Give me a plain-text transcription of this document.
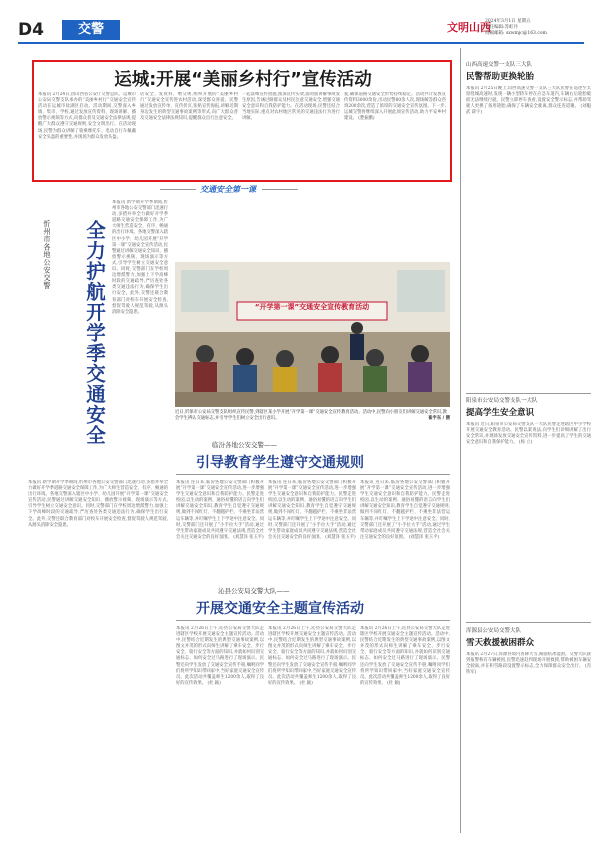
D4	交警	文明山西
2024年3月1日 星期五
责任编辑:苏虹丹
投稿邮箱: sxwmjc@163.com
运城:开展“美丽乡村行”宣传活动
本报讯 2月24日,由山西省公安厅交警总队、运城市公安局交警支队承办的“美丽乡村行”交通安全宣传活动在运城市盐湖区启动。活动期间,交警深入乡镇、集市、学校,通过发放宣传资料、现场讲解、播放警示视频等方式,向群众普及交通安全法律法规,提醒广大群众遵守交通规则,安全文明出行。在活动现场,民警为群众讲解了骑乘摩托车、电动自行车佩戴安全头盔的重要性,并现场为群众发放头盔。
话安全、发资料、赠交规,组织开展的“美丽乡村行”交通安全宣传进农村活动,深受群众喜爱。民警通过发放宣传单、宣传折页,张贴宣传海报,讲解近期身边发生的典型交通事故案例等形式,向广大群众普及交通安全法律法规知识,提醒群众出行注意安全。
一起落细宣传措施,推深宣传实效,面对面讲解事故发生原因,告诫过路群众及村民注意交通安全,增强交通安全意识和自我防护能力。在活动现场,民警还结合当地实际,重点对农村地区常见的交通违法行为进行讲解。
爱,确保道路交通安全形势持续稳定。活动共计发放宣传资料3000余份,出动民警80余人次,现场解答群众咨询200余次,营造了浓厚的交通安全宣传氛围。下一步,运城交警将继续深入开展此项宣传活动,助力平安乡村建设。 (楚振鹏)
交通安全第一课
忻州市各地公安交警 全力护航开学季交通安全
本报讯 新学期开学季期间,忻州市各地公安交警部门迅速行动,多措并举全力做好开学季道路交通安全保障工作,为广大师生营造安全、有序、畅通的出行环境。各地交警深入辖区中小学、幼儿园开展“开学第一课”交通安全宣传活动,民警通过讲解交通安全知识、播放警示视频、现场演示等方式,引导学生树立交通安全意识。同时,交警部门在学校周边增派警力,加强上下学高峰时段的交通疏导,严厉查处各类交通违法行为,确保学生出行安全。此外,交警还联合教育部门对校车开展安全检查,督促驾驶人规范驾驶,从源头消除安全隐患。
本报讯 新学期开学季期间,忻州市各地公安交警部门迅速行动,多措并举全力做好开学季道路交通安全保障工作,为广大师生营造安全、有序、畅通的出行环境。各地交警深入辖区中小学、幼儿园开展“开学第一课”交通安全宣传活动,民警通过讲解交通安全知识、播放警示视频、现场演示等方式,引导学生树立交通安全意识。同时,交警部门在学校周边增派警力,加强上下学高峰时段的交通疏导,严厉查处各类交通违法行为,确保学生出行安全。此外,交警还联合教育部门对校车开展安全检查,督促驾驶人规范驾驶,从源头消除安全隐患。
“开学第一课”交通安全宣传教育活动
近日,忻保市公安局交警支队组织宣传民警,到辖区某小学开展“开学第一课”交通安全宣传教育活动。活动中,民警向小朋友们讲解交通安全常识,教会学生辨认交通标志,并引导学生们树立安全出行意识。	崔宇东 / 摄
临汾各地公安交警——
引导教育学生遵守交通规则
本报讯 连日来,临汾各地公安交警部门积极开展“开学第一课”交通安全宣传活动,进一步增强学生交通安全意识和自我防护能力。民警走进校园,以生动的案例、通俗易懂的语言向学生们讲解交通安全知识,教育学生自觉遵守交通规则,做到不闯红灯、不翻越护栏、不乘坐非法营运车辆等,并叮嘱学生上下学途中注意安全。同时,交警部门还开展了“小手拉大手”活动,通过学生带动家庭成员共同遵守交通法规,营造全社会关注交通安全的良好氛围。 (刘慧泽 张玉平)
本报讯 连日来,临汾各地公安交警部门积极开展“开学第一课”交通安全宣传活动,进一步增强学生交通安全意识和自我防护能力。民警走进校园,以生动的案例、通俗易懂的语言向学生们讲解交通安全知识,教育学生自觉遵守交通规则,做到不闯红灯、不翻越护栏、不乘坐非法营运车辆等,并叮嘱学生上下学途中注意安全。同时,交警部门还开展了“小手拉大手”活动,通过学生带动家庭成员共同遵守交通法规,营造全社会关注交通安全的良好氛围。 (刘慧泽 张玉平)
本报讯 连日来,临汾各地公安交警部门积极开展“开学第一课”交通安全宣传活动,进一步增强学生交通安全意识和自我防护能力。民警走进校园,以生动的案例、通俗易懂的语言向学生们讲解交通安全知识,教育学生自觉遵守交通规则,做到不闯红灯、不翻越护栏、不乘坐非法营运车辆等,并叮嘱学生上下学途中注意安全。同时,交警部门还开展了“小手拉大手”活动,通过学生带动家庭成员共同遵守交通法规,营造全社会关注交通安全的良好氛围。 (刘慧泽 张玉平)
沁县公安局交警大队——
开展交通安全主题宣传活动
本报讯 2月26日上午,沁县公安局交警大队走进辖区学校开展交通安全主题宣传活动。活动中,民警结合近期发生的典型交通事故案例,以图文并茂的形式向师生讲解了乘车安全、步行安全、骑行安全等方面的知识,并就如何识别交通标志、如何安全过马路进行了现场演示。民警还向学生发放了交通安全宣传手册,嘱咐同学们将所学知识带回家中,当好家庭交通安全宣传员。此次活动共覆盖师生1200余人,取得了良好的宣传效果。 (杜 颖)
本报讯 2月26日上午,沁县公安局交警大队走进辖区学校开展交通安全主题宣传活动。活动中,民警结合近期发生的典型交通事故案例,以图文并茂的形式向师生讲解了乘车安全、步行安全、骑行安全等方面的知识,并就如何识别交通标志、如何安全过马路进行了现场演示。民警还向学生发放了交通安全宣传手册,嘱咐同学们将所学知识带回家中,当好家庭交通安全宣传员。此次活动共覆盖师生1200余人,取得了良好的宣传效果。 (杜 颖)
本报讯 2月26日上午,沁县公安局交警大队走进辖区学校开展交通安全主题宣传活动。活动中,民警结合近期发生的典型交通事故案例,以图文并茂的形式向师生讲解了乘车安全、步行安全、骑行安全等方面的知识,并就如何识别交通标志、如何安全过马路进行了现场演示。民警还向学生发放了交通安全宣传手册,嘱咐同学们将所学知识带回家中,当好家庭交通安全宣传员。此次活动共覆盖师生1200余人,取得了良好的宣传效果。 (杜 颖)
山西高速交警一支队三大队
民警帮助更换轮胎
本报讯 2月25日晚上,山西高速交警一支队三大队民警在巡逻至太原绕城高速时,发现一辆小型轿车停在应急车道内,车辆右后轮胎破损无法继续行驶。民警立即停车查看,设置安全警示标志,并帮助驾驶人更换了备用轮胎,确保了车辆安全驶离,群众连连道谢。 (刘魁武 薛宇)
阳泉市公安局交警支队一大队
提高学生安全意识
本报讯 近日,阳泉市公安局交警支队一大队民警走进辖区中小学校开展交通安全教育活动。民警以案说法,向学生们详细讲解了出行安全常识,并现场发放交通安全宣传资料,进一步提高了学生的交通安全意识和自我保护能力。 (杨 立)
浑源县公安局交警大队
雪天救援被困群众
本报讯 2月27日,浑源县境内普降大雪,路面结冰湿滑。交警大队接到报警称有车辆被困,民警迅速赶到现场开展救援,帮助被困车辆安全驶离,并在积雪路段设置警示标志,全力保障群众安全出行。 (肖铁军)
